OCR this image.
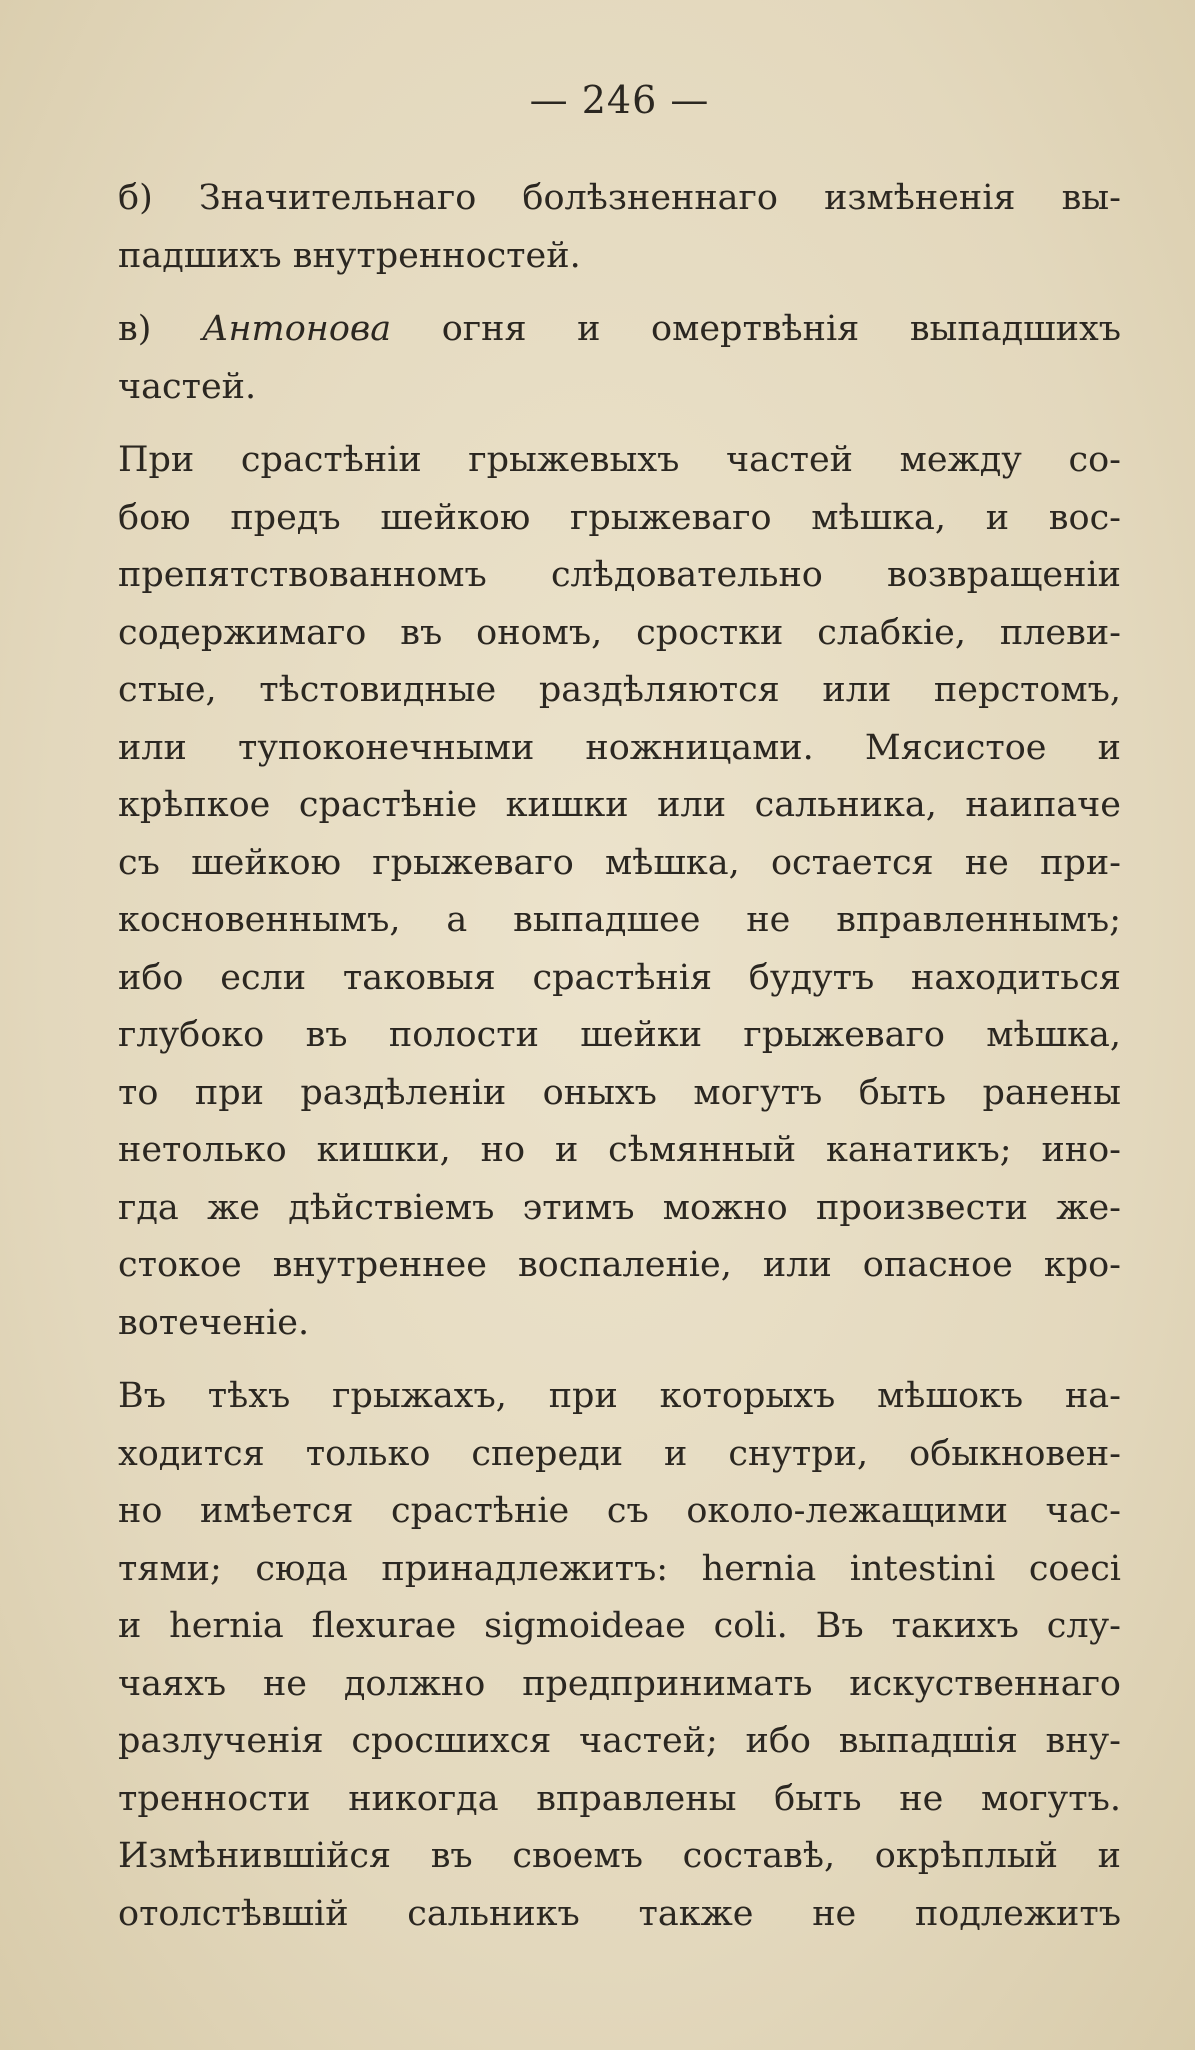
— 246 —
б) Значительнаго болѣзненнаго измѣненія вы-
падшихъ внутренностей.
в) Антонова огня и омертвѣнія выпадшихъ
частей.
При срастѣніи грыжевыхъ частей между со-
бою предъ шейкою грыжеваго мѣшка, и вос-
препятствованномъ слѣдовательно возвращеніи
содержимаго въ ономъ, сростки слабкіе, плеви-
стые, тѣстовидные раздѣляются или перстомъ,
или тупоконечными ножницами. Мясистое и
крѣпкое срастѣніе кишки или сальника, наипаче
съ шейкою грыжеваго мѣшка, остается не при-
косновеннымъ, а выпадшее не вправленнымъ;
ибо если таковыя срастѣнія будутъ находиться
глубоко въ полости шейки грыжеваго мѣшка,
то при раздѣленіи оныхъ могутъ быть ранены
нетолько кишки, но и сѣмянный канатикъ; ино-
гда же дѣйствіемъ этимъ можно произвести же-
стокое внутреннее воспаленіе, или опасное кро-
вотеченіе.
Въ тѣхъ грыжахъ, при которыхъ мѣшокъ на-
ходится только спереди и снутри, обыкновен-
но имѣется срастѣніе съ около-лежащими час-
тями; сюда принадлежитъ: hernia intestini coeci
и hernia flexurae sigmoideae coli. Въ такихъ слу-
чаяхъ не должно предпринимать искуственнаго
разлученія сросшихся частей; ибо выпадшія вну-
тренности никогда вправлены быть не могутъ.
Измѣнившійся въ своемъ составѣ, окрѣплый и
отолстѣвшій сальникъ также не подлежитъ
